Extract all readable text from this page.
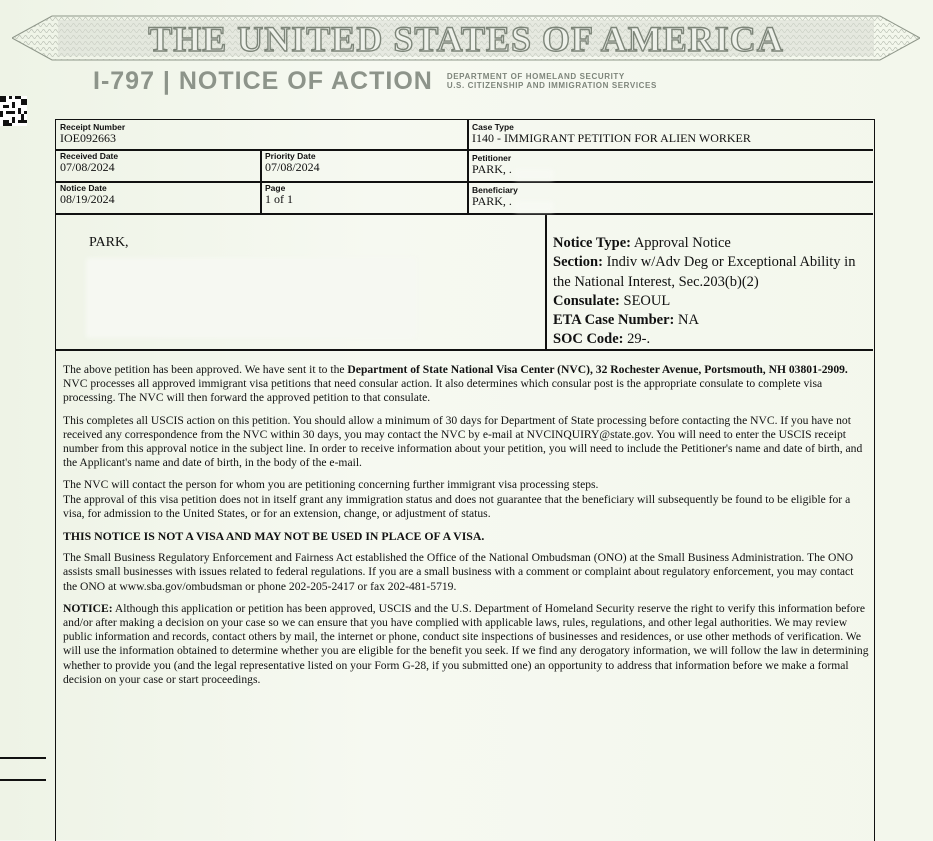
THE UNITED STATES OF AMERICA
I-797 | NOTICE OF ACTION DEPARTMENT OF HOMELAND SECURITY
U.S. CITIZENSHIP AND IMMIGRATION SERVICES
Receipt Number
IOE092663
Case Type
I140 - IMMIGRANT PETITION FOR ALIEN WORKER
Received Date
07/08/2024
Priority Date
07/08/2024
Petitioner
PARK, .
Notice Date
08/19/2024
Page
1 of 1
Beneficiary
PARK, .
PARK,	Notice Type: Approval Notice
Section: Indiv w/Adv Deg or Exceptional Ability in the National Interest, Sec.203(b)(2)
Consulate: SEOUL
ETA Case Number: NA
SOC Code: 29-.

The above petition has been approved. We have sent it to the Department of State National Visa Center (NVC), 32 Rochester Avenue, Portsmouth, NH 03801-2909. NVC processes all approved immigrant visa petitions that need consular action. It also determines which consular post is the appropriate consulate to complete visa processing. The NVC will then forward the approved petition to that consulate.

This completes all USCIS action on this petition. You should allow a minimum of 30 days for Department of State processing before contacting the NVC. If you have not received any correspondence from the NVC within 30 days, you may contact the NVC by e-mail at NVCINQUIRY@state.gov. You will need to enter the USCIS receipt number from this approval notice in the subject line. In order to receive information about your petition, you will need to include the Petitioner's name and date of birth, and the Applicant's name and date of birth, in the body of the e-mail.

The NVC will contact the person for whom you are petitioning concerning further immigrant visa processing steps.
The approval of this visa petition does not in itself grant any immigration status and does not guarantee that the beneficiary will subsequently be found to be eligible for a visa, for admission to the United States, or for an extension, change, or adjustment of status.

THIS NOTICE IS NOT A VISA AND MAY NOT BE USED IN PLACE OF A VISA.

The Small Business Regulatory Enforcement and Fairness Act established the Office of the National Ombudsman (ONO) at the Small Business Administration. The ONO assists small businesses with issues related to federal regulations. If you are a small business with a comment or complaint about regulatory enforcement, you may contact the ONO at www.sba.gov/ombudsman or phone 202-205-2417 or fax 202-481-5719.

NOTICE: Although this application or petition has been approved, USCIS and the U.S. Department of Homeland Security reserve the right to verify this information before and/or after making a decision on your case so we can ensure that you have complied with applicable laws, rules, regulations, and other legal authorities. We may review public information and records, contact others by mail, the internet or phone, conduct site inspections of businesses and residences, or use other methods of verification. We will use the information obtained to determine whether you are eligible for the benefit you seek. If we find any derogatory information, we will follow the law in determining whether to provide you (and the legal representative listed on your Form G-28, if you submitted one) an opportunity to address that information before we make a formal decision on your case or start proceedings.
